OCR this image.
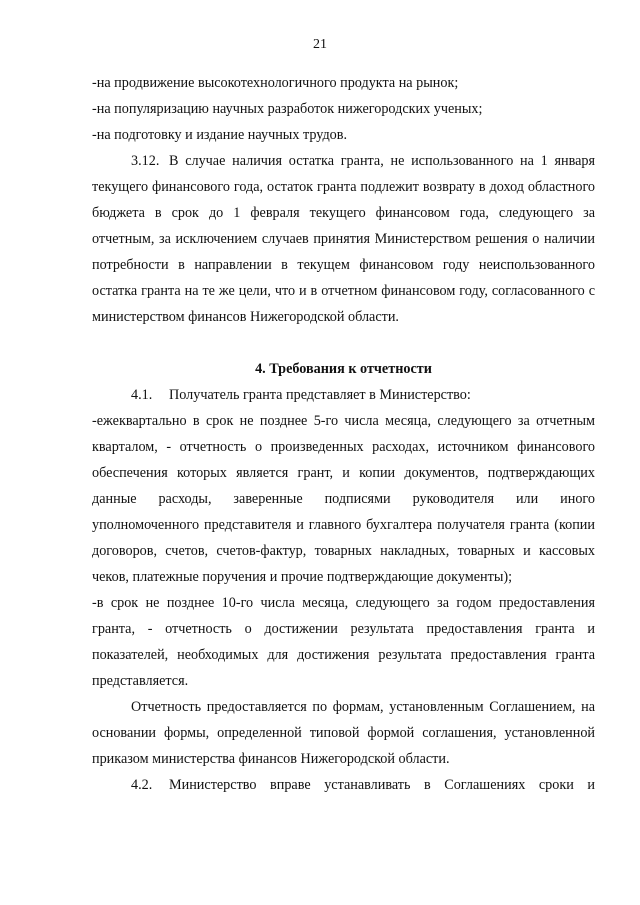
21

-на продвижение высокотехнологичного продукта на рынок;

-на популяризацию научных разработок нижегородских ученых;

-на подготовку и издание научных трудов.

3.12. В случае наличия остатка гранта, не использованного на 1 января текущего финансового года, остаток гранта подлежит возврату в доход областного бюджета в срок до 1 февраля текущего финансовом года, следующего за отчетным, за исключением случаев принятия Министерством решения о наличии потребности в направлении в текущем финансовом году неиспользованного остатка гранта на те же цели, что и в отчетном финансовом году, согласованного с министерством финансов Нижегородской области.

4. Требования к отчетности

4.1. Получатель гранта представляет в Министерство:

-ежеквартально в срок не позднее 5-го числа месяца, следующего за отчетным кварталом, - отчетность о произведенных расходах, источником финансового обеспечения которых является грант, и копии документов, подтверждающих данные расходы, заверенные подписями руководителя или иного уполномоченного представителя и главного бухгалтера получателя гранта (копии договоров, счетов, счетов-фактур, товарных накладных, товарных и кассовых чеков, платежные поручения и прочие подтверждающие документы);

-в срок не позднее 10-го числа месяца, следующего за годом предоставления гранта, - отчетность о достижении результата предоставления гранта и показателей, необходимых для достижения результата предоставления гранта представляется.

Отчетность предоставляется по формам, установленным Соглашением, на основании формы, определенной типовой формой соглашения, установленной приказом министерства финансов Нижегородской области.

4.2. Министерство вправе устанавливать в Соглашениях сроки и
